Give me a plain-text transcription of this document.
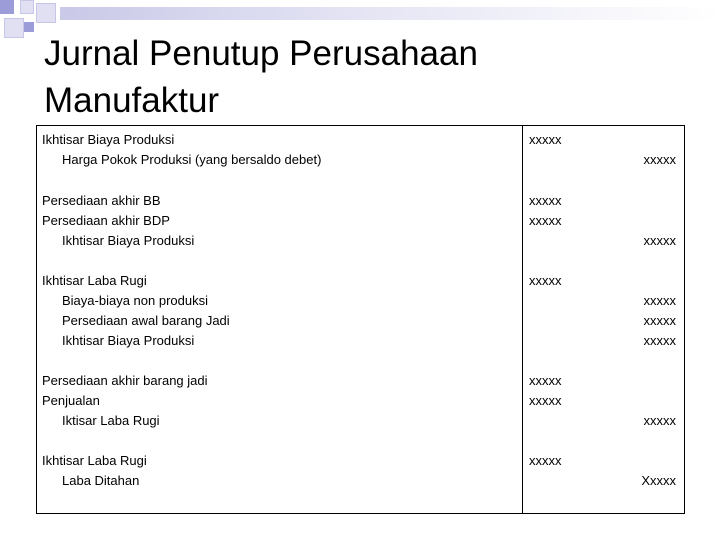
Jurnal Penutup Perusahaan
Manufaktur
Ikhtisar Biaya Produksi	xxxxx
Harga Pokok Produksi (yang bersaldo debet)	xxxxx
Persediaan akhir BB	xxxxx
Persediaan akhir BDP	xxxxx
Ikhtisar Biaya Produksi	xxxxx
Ikhtisar Laba Rugi	xxxxx
Biaya-biaya non produksi	xxxxx
Persediaan awal barang Jadi	xxxxx
Ikhtisar Biaya Produksi	xxxxx
Persediaan akhir barang jadi	xxxxx
Penjualan	xxxxx
Iktisar Laba Rugi	xxxxx
Ikhtisar Laba Rugi	xxxxx
Laba Ditahan	Xxxxx
